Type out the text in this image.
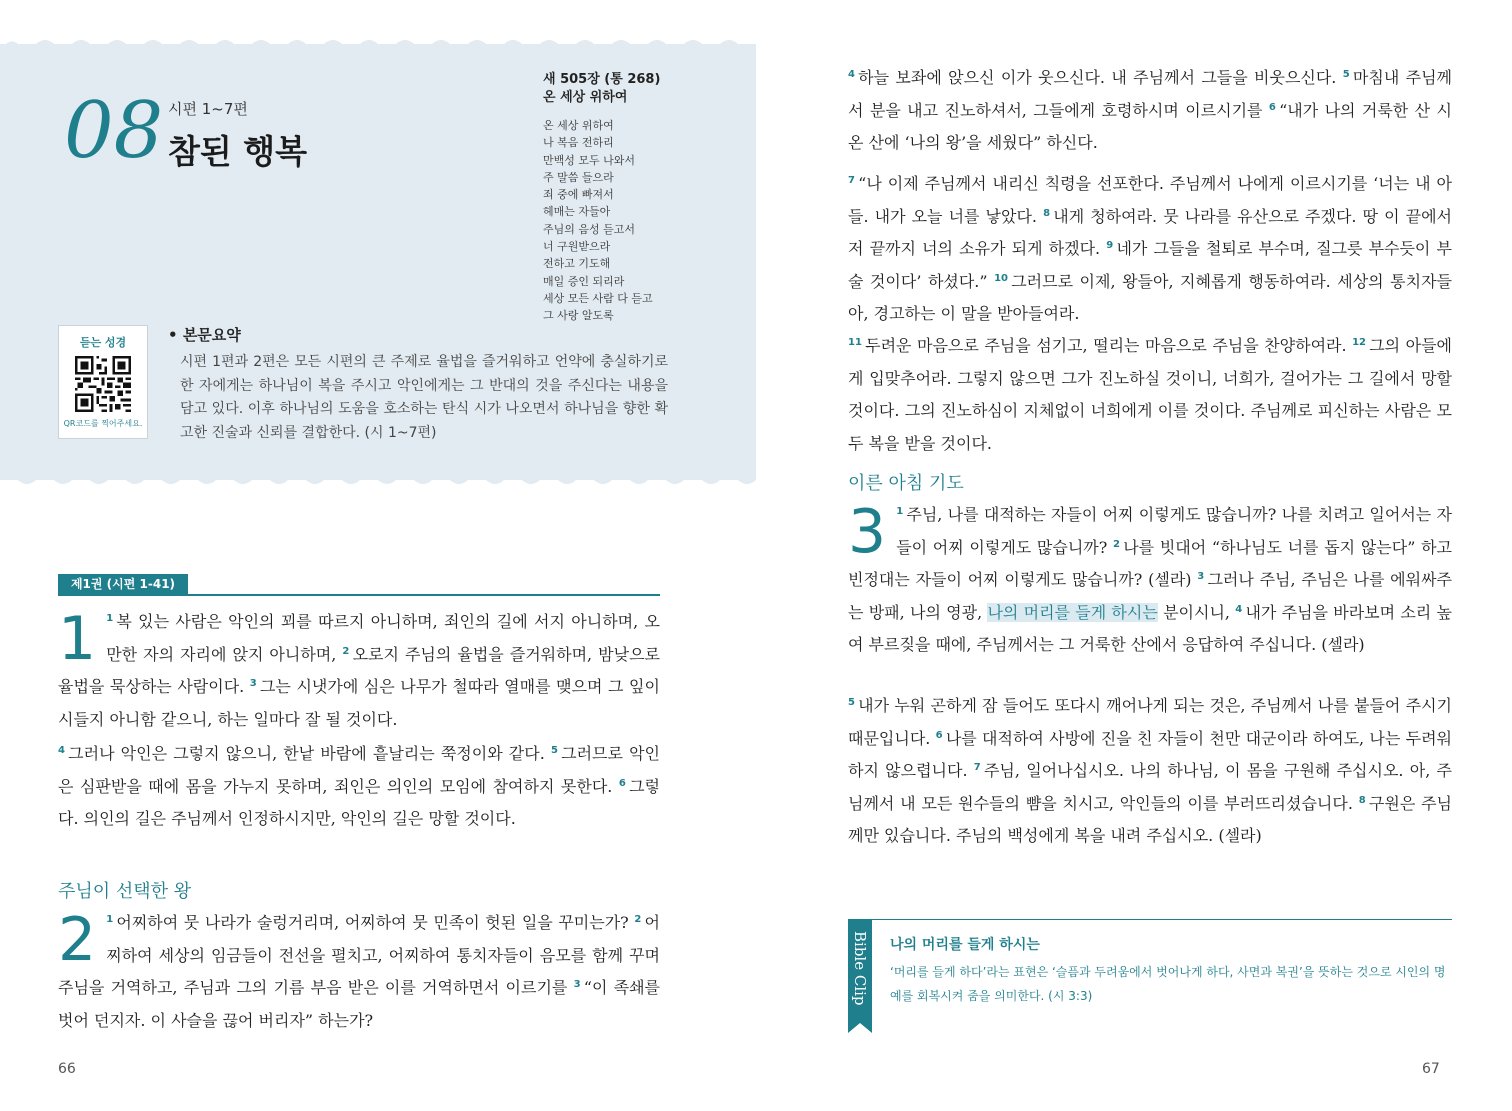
08 시편 1~7편
참된 행복
새 505장 (통 268)
온 세상 위하여
온 세상 위하여
나 복음 전하리
만백성 모두 나와서
주 말씀 들으라
죄 중에 빠져서
헤매는 자들아
주님의 음성 듣고서
너 구원받으라
전하고 기도해
매일 증인 되리라
세상 모든 사람 다 듣고
그 사랑 알도록
듣는 성경
QR코드를 찍어주세요.
• 본문요약
시편 1편과 2편은 모든 시편의 큰 주제로 율법을 즐거워하고 언약에 충실하기로 한 자에게는 하나님이 복을 주시고 악인에게는 그 반대의 것을 주신다는 내용을 담고 있다. 이후 하나님의 도움을 호소하는 탄식 시가 나오면서 하나님을 향한 확고한 진술과 신뢰를 결합한다. (시 1~7편)
제1권 (시편 1-41)

1 $^1$  복 있는 사람은 악인의 꾀를 따르지 아니하며, 죄인의 길에 서지 아니하며, 오만한 자의 자리에 앉지 아니하며, $^2$  오로지 주님의 율법을 즐거워하며, 밤낮으로 율법을 묵상하는 사람이다. $^3$  그는 시냇가에 심은 나무가 철따라 열매를 맺으며 그 잎이 시들지 아니함 같으니, 하는 일마다 잘 될 것이다.

$^4$  그러나 악인은 그렇지 않으니, 한낱 바람에 흩날리는 쭉정이와 같다. $^5$  그러므로 악인은 심판받을 때에 몸을 가누지 못하며, 죄인은 의인의 모임에 참여하지 못한다. $^6$  그렇다. 의인의 길은 주님께서 인정하시지만, 악인의 길은 망할 것이다.

주님이 선택한 왕

2 $^1$  어찌하여 뭇 나라가 술렁거리며, 어찌하여 뭇 민족이 헛된 일을 꾸미는가? $^2$  어찌하여 세상의 임금들이 전선을 펼치고, 어찌하여 통치자들이 음모를 함께 꾸며 주님을 거역하고, 주님과 그의 기름 부음 받은 이를 거역하면서 이르기를 $^3$  “이 족쇄를 벗어 던지자. 이 사슬을 끊어 버리자” 하는가?

66

$^4$  하늘 보좌에 앉으신 이가 웃으신다. 내 주님께서 그들을 비웃으신다. $^5$  마침내 주님께서 분을 내고 진노하셔서, 그들에게 호령하시며 이르시기를 $^6$  “내가 나의 거룩한 산 시온 산에 ‘나의 왕’을 세웠다” 하신다.

$^7$  “나 이제 주님께서 내리신 칙령을 선포한다. 주님께서 나에게 이르시기를 ‘너는 내 아들. 내가 오늘 너를 낳았다. $^8$  내게 청하여라. 뭇 나라를 유산으로 주겠다. 땅 이 끝에서 저 끝까지 너의 소유가 되게 하겠다. $^9$  네가 그들을 철퇴로 부수며, 질그릇 부수듯이 부술 것이다’ 하셨다.” $^{10}$  그러므로 이제, 왕들아, 지혜롭게 행동하여라. 세상의 통치자들아, 경고하는 이 말을 받아들여라.

$^{11}$  두려운 마음으로 주님을 섬기고, 떨리는 마음으로 주님을 찬양하여라. $^{12}$  그의 아들에게 입맞추어라. 그렇지 않으면 그가 진노하실 것이니, 너희가, 걸어가는 그 길에서 망할 것이다. 그의 진노하심이 지체없이 너희에게 이를 것이다. 주님께로 피신하는 사람은 모두 복을 받을 것이다.

이른 아침 기도

3 $^1$  주님, 나를 대적하는 자들이 어찌 이렇게도 많습니까? 나를 치려고 일어서는 자들이 어찌 이렇게도 많습니까? $^2$  나를 빗대어 “하나님도 너를 돕지 않는다” 하고 빈정대는 자들이 어찌 이렇게도 많습니까? (셀라) $^3$  그러나 주님, 주님은 나를 에워싸주는 방패, 나의 영광, 나의 머리를 들게 하시는 분이시니, $^4$  내가 주님을 바라보며 소리 높여 부르짖을 때에, 주님께서는 그 거룩한 산에서 응답하여 주십니다. (셀라)

$^5$  내가 누워 곤하게 잠 들어도 또다시 깨어나게 되는 것은, 주님께서 나를 붙들어 주시기 때문입니다. $^6$  나를 대적하여 사방에 진을 친 자들이 천만 대군이라 하여도, 나는 두려워하지 않으렵니다. $^7$  주님, 일어나십시오. 나의 하나님, 이 몸을 구원해 주십시오. 아, 주님께서 내 모든 원수들의 뺨을 치시고, 악인들의 이를 부러뜨리셨습니다. $^8$  구원은 주님께만 있습니다. 주님의 백성에게 복을 내려 주십시오. (셀라)

67
Bible Clip 나의 머리를 들게 하시는
‘머리를 들게 하다’라는 표현은 ‘슬픔과 두려움에서 벗어나게 하다, 사면과 복권’을 뜻하는 것으로 시인의 명예를 회복시켜 줌을 의미한다. (시 3:3)
